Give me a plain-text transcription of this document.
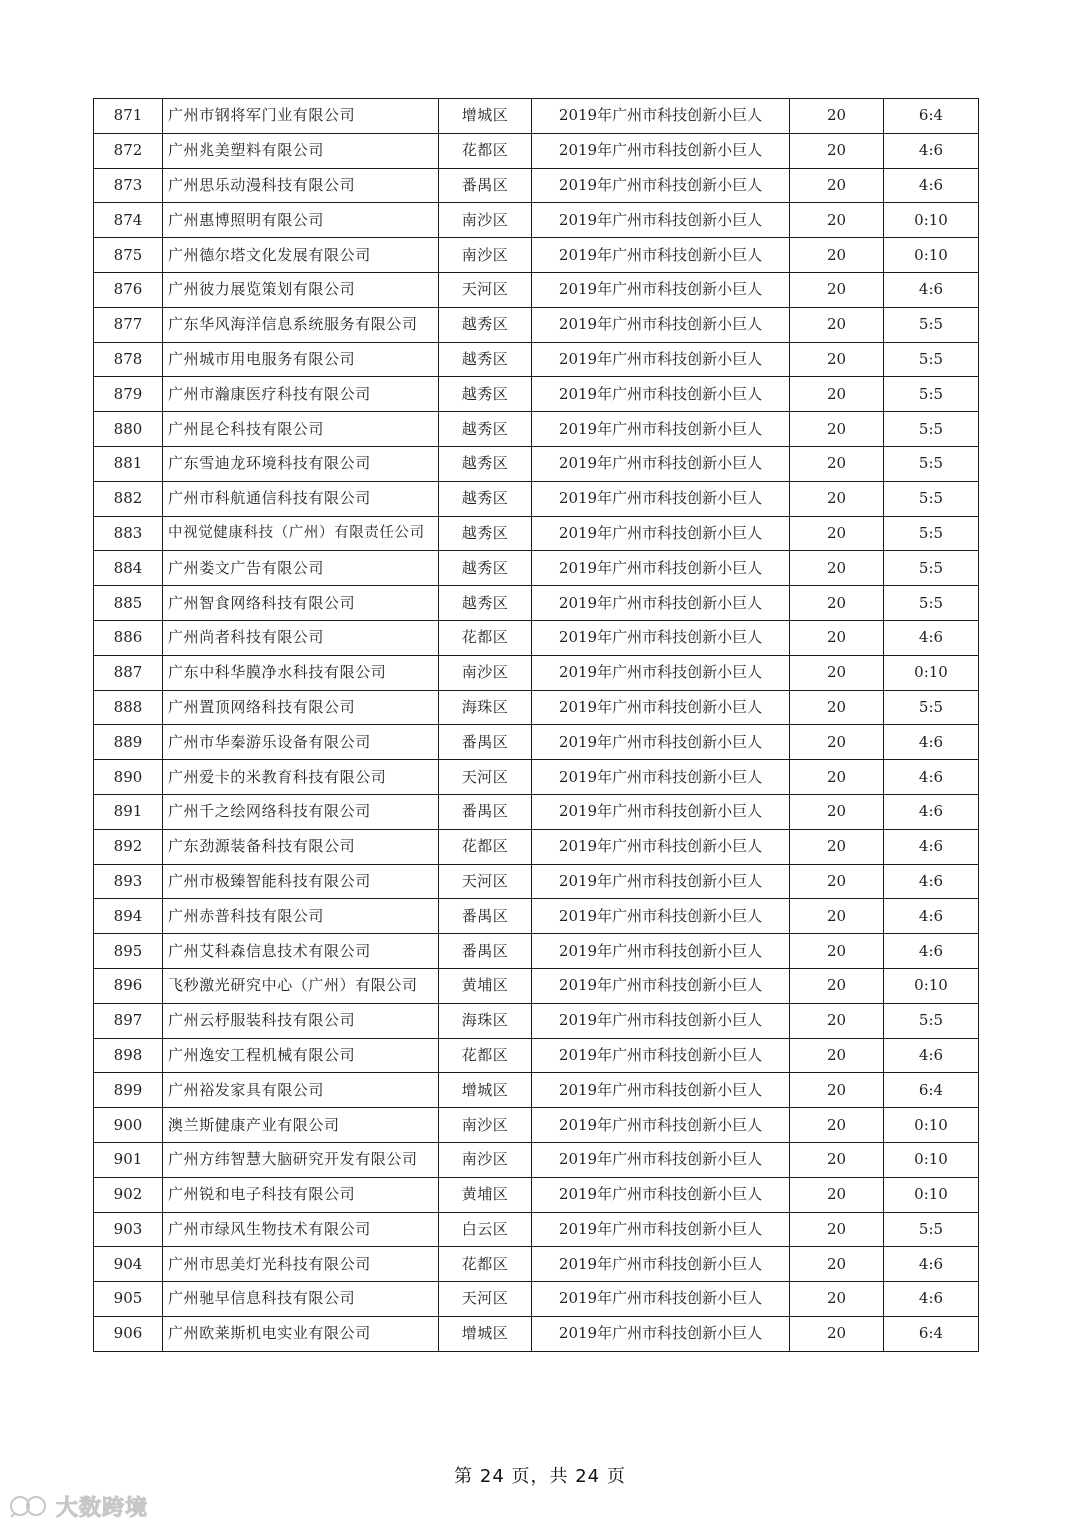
871	广州市钢将军门业有限公司	增城区	2019年广州市科技创新小巨人	20	6:4
872	广州兆美塑料有限公司	花都区	2019年广州市科技创新小巨人	20	4:6
873	广州思乐动漫科技有限公司	番禺区	2019年广州市科技创新小巨人	20	4:6
874	广州惠博照明有限公司	南沙区	2019年广州市科技创新小巨人	20	0:10
875	广州德尔塔文化发展有限公司	南沙区	2019年广州市科技创新小巨人	20	0:10
876	广州彼力展览策划有限公司	天河区	2019年广州市科技创新小巨人	20	4:6
877	广东华风海洋信息系统服务有限公司	越秀区	2019年广州市科技创新小巨人	20	5:5
878	广州城市用电服务有限公司	越秀区	2019年广州市科技创新小巨人	20	5:5
879	广州市瀚康医疗科技有限公司	越秀区	2019年广州市科技创新小巨人	20	5:5
880	广州昆仑科技有限公司	越秀区	2019年广州市科技创新小巨人	20	5:5
881	广东雪迪龙环境科技有限公司	越秀区	2019年广州市科技创新小巨人	20	5:5
882	广州市科航通信科技有限公司	越秀区	2019年广州市科技创新小巨人	20	5:5
883	中视觉健康科技（广州）有限责任公司	越秀区	2019年广州市科技创新小巨人	20	5:5
884	广州娄文广告有限公司	越秀区	2019年广州市科技创新小巨人	20	5:5
885	广州智食网络科技有限公司	越秀区	2019年广州市科技创新小巨人	20	5:5
886	广州尚者科技有限公司	花都区	2019年广州市科技创新小巨人	20	4:6
887	广东中科华膜净水科技有限公司	南沙区	2019年广州市科技创新小巨人	20	0:10
888	广州置顶网络科技有限公司	海珠区	2019年广州市科技创新小巨人	20	5:5
889	广州市华秦游乐设备有限公司	番禺区	2019年广州市科技创新小巨人	20	4:6
890	广州爱卡的米教育科技有限公司	天河区	2019年广州市科技创新小巨人	20	4:6
891	广州千之绘网络科技有限公司	番禺区	2019年广州市科技创新小巨人	20	4:6
892	广东劲源装备科技有限公司	花都区	2019年广州市科技创新小巨人	20	4:6
893	广州市极臻智能科技有限公司	天河区	2019年广州市科技创新小巨人	20	4:6
894	广州赤普科技有限公司	番禺区	2019年广州市科技创新小巨人	20	4:6
895	广州艾科森信息技术有限公司	番禺区	2019年广州市科技创新小巨人	20	4:6
896	飞秒激光研究中心（广州）有限公司	黄埔区	2019年广州市科技创新小巨人	20	0:10
897	广州云杼服装科技有限公司	海珠区	2019年广州市科技创新小巨人	20	5:5
898	广州逸安工程机械有限公司	花都区	2019年广州市科技创新小巨人	20	4:6
899	广州裕发家具有限公司	增城区	2019年广州市科技创新小巨人	20	6:4
900	澳兰斯健康产业有限公司	南沙区	2019年广州市科技创新小巨人	20	0:10
901	广州方纬智慧大脑研究开发有限公司	南沙区	2019年广州市科技创新小巨人	20	0:10
902	广州锐和电子科技有限公司	黄埔区	2019年广州市科技创新小巨人	20	0:10
903	广州市绿风生物技术有限公司	白云区	2019年广州市科技创新小巨人	20	5:5
904	广州市思美灯光科技有限公司	花都区	2019年广州市科技创新小巨人	20	4:6
905	广州驰早信息科技有限公司	天河区	2019年广州市科技创新小巨人	20	4:6
906	广州欧莱斯机电实业有限公司	增城区	2019年广州市科技创新小巨人	20	6:4
第 24 页，共 24 页
大数跨境
